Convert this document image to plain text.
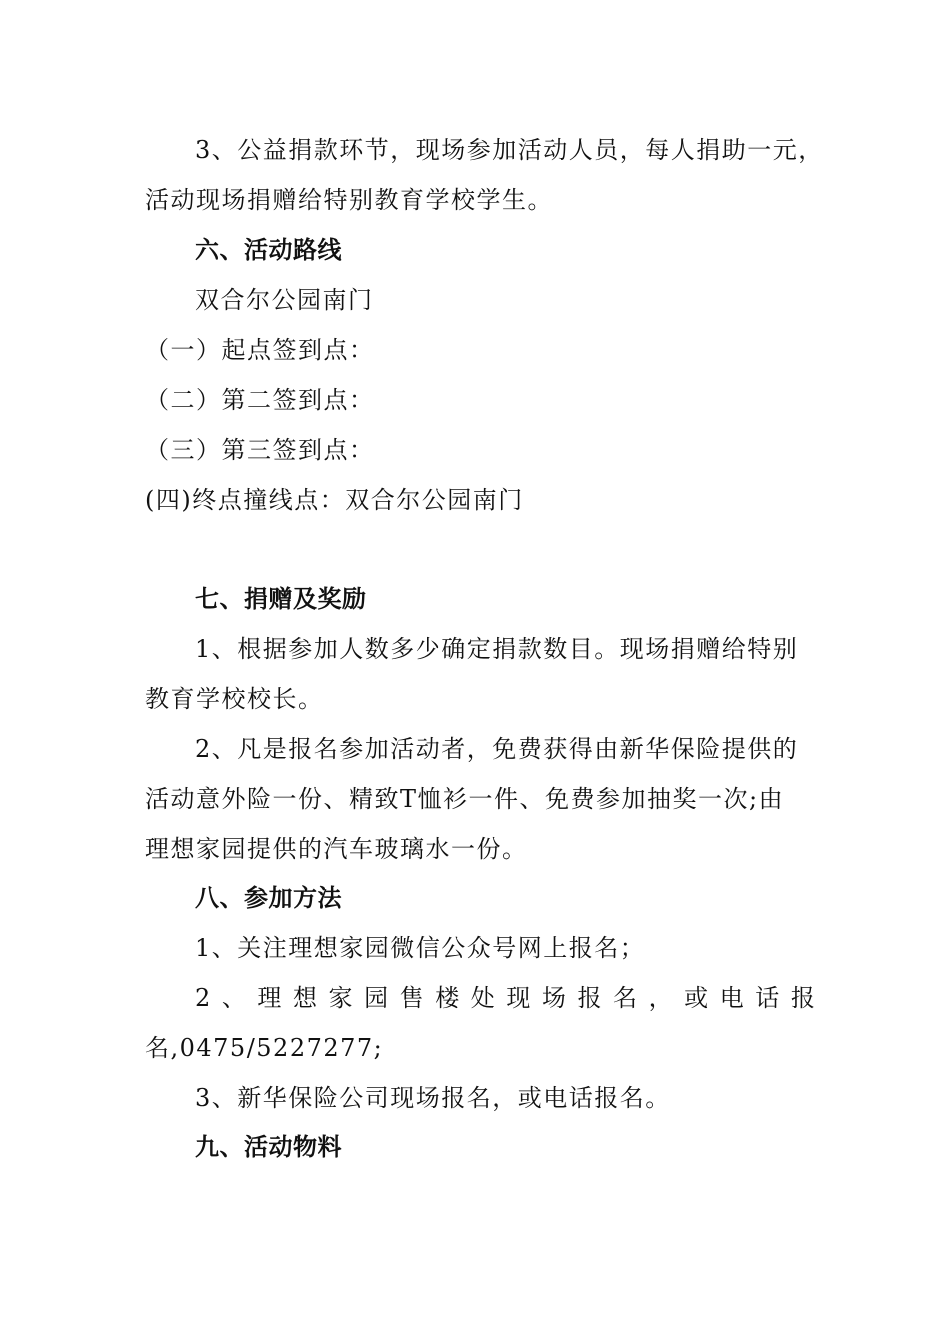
3、公益捐款环节，现场参加活动人员，每人捐助一元，
活动现场捐赠给特别教育学校学生。
六、活动路线
双合尔公园南门
（一）起点签到点：
（二）第二签到点：
（三）第三签到点：
(四)终点撞线点：双合尔公园南门
七、捐赠及奖励
1、根据参加人数多少确定捐款数目。现场捐赠给特别
教育学校校长。
2、凡是报名参加活动者，免费获得由新华保险提供的
活动意外险一份、精致T恤衫一件、免费参加抽奖一次;由
理想家园提供的汽车玻璃水一份。
八、参加方法
1、关注理想家园微信公众号网上报名；
2 、 理 想 家 园 售 楼 处 现 场 报 名 ， 或 电 话 报
名,0475/5227277;
3、新华保险公司现场报名，或电话报名。
九、活动物料
